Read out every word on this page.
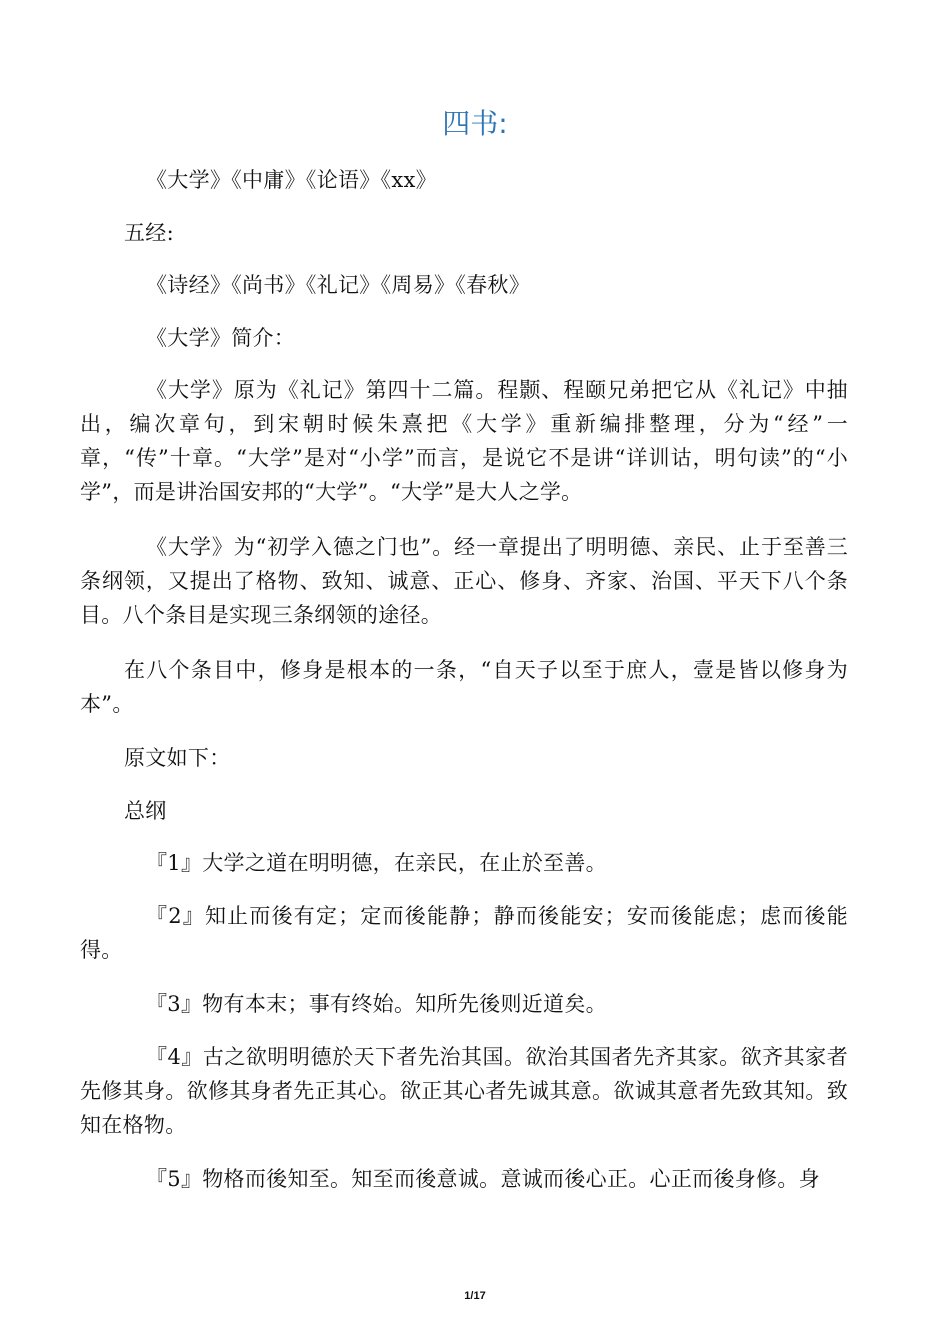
四书:

《大学》《中庸》《论语》《xx》

五经:

《诗经》《尚书》《礼记》《周易》《春秋》

《大学》简介：

《大学》原为《礼记》第四十二篇。程颢、程颐兄弟把它从《礼记》中抽出，编次章句，到宋朝时候朱熹把《大学》重新编排整理，分为“经”一章，“传”十章。“大学”是对“小学”而言，是说它不是讲“详训诂，明句读”的“小学”，而是讲治国安邦的“大学”。“大学”是大人之学。

《大学》为“初学入德之门也”。经一章提出了明明德、亲民、止于至善三条纲领，又提出了格物、致知、诚意、正心、修身、齐家、治国、平天下八个条目。八个条目是实现三条纲领的途径。

在八个条目中，修身是根本的一条，“自天子以至于庶人，壹是皆以修身为本”。

原文如下：

总纲

『1』大学之道在明明德，在亲民，在止於至善。

『2』知止而後有定；定而後能静；静而後能安；安而後能虑；虑而後能得。

『3』物有本末；事有终始。知所先後则近道矣。

『4』古之欲明明德於天下者先治其国。欲治其国者先齐其家。欲齐其家者先修其身。欲修其身者先正其心。欲正其心者先诚其意。欲诚其意者先致其知。致知在格物。

『5』物格而後知至。知至而後意诚。意诚而後心正。心正而後身修。身

1/17
